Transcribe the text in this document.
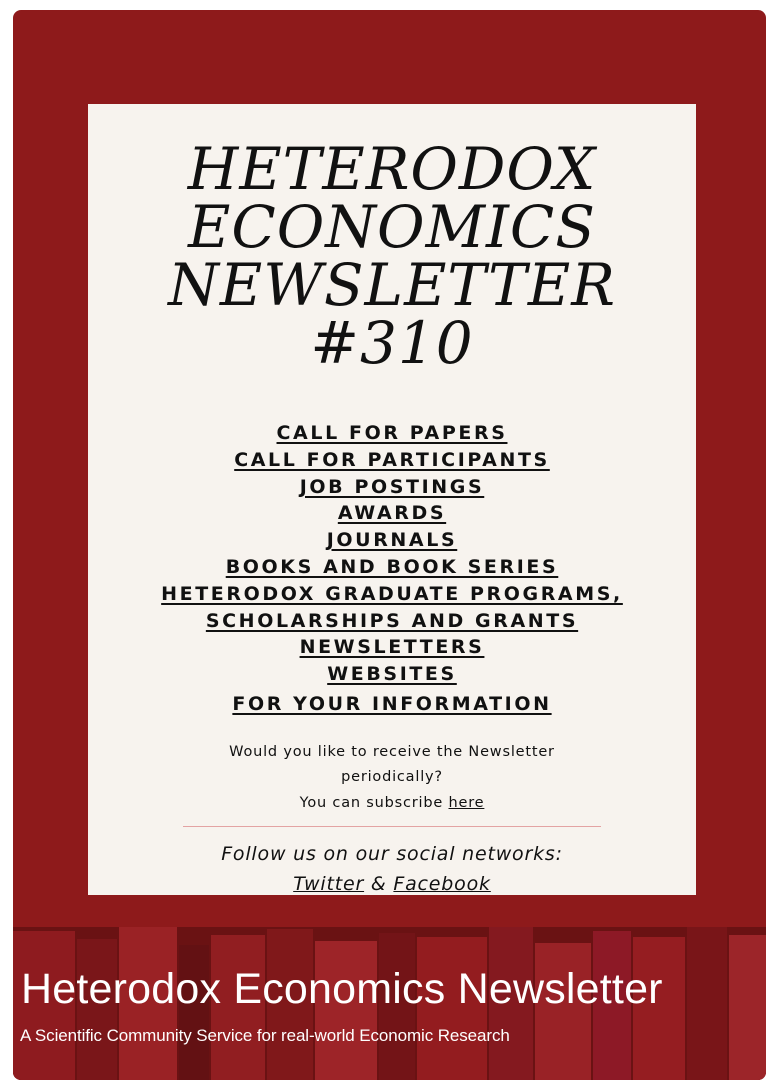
HETERODOX
ECONOMICS
NEWSLETTER
#310
CALL FOR PAPERS
CALL FOR PARTICIPANTS
JOB POSTINGS
AWARDS
JOURNALS
BOOKS AND BOOK SERIES
HETERODOX GRADUATE PROGRAMS,
SCHOLARSHIPS AND GRANTS
NEWSLETTERS
WEBSITES
FOR YOUR INFORMATION
Would you like to receive the Newsletter periodically?
You can subscribe here
Follow us on our social networks:
Twitter & Facebook

Heterodox Economics Newsletter

A Scientific Community Service for real-world Economic Research
